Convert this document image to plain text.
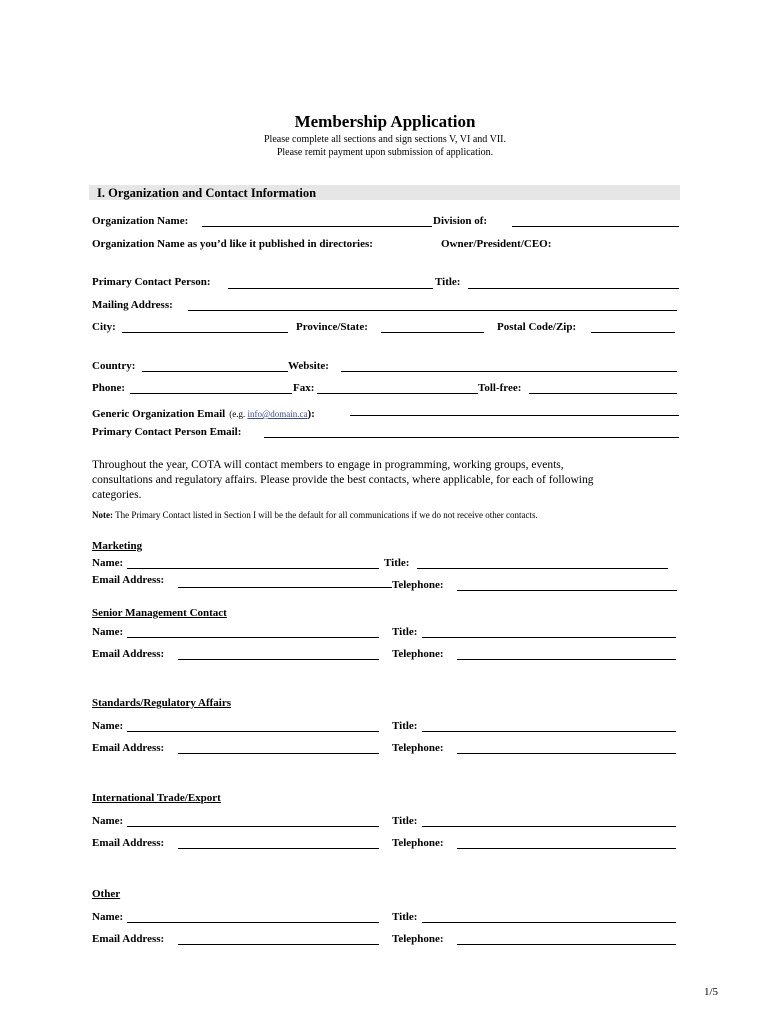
Membership Application
Please complete all sections and sign sections V, VI and VII.
Please remit payment upon submission of application.
I. Organization and Contact Information
Organization Name:	Division of:
Organization Name as you’d like it published in directories:	Owner/President/CEO:
Primary Contact Person:	Title:
Mailing Address:
City:	Province/State:	Postal Code/Zip:
Country:	Website:
Phone:	Fax:	Toll-free:
Generic Organization Email (e.g. info@domain.ca):
Primary Contact Person Email:
Throughout the year, COTA will contact members to engage in programming, working groups, events,
consultations and regulatory affairs. Please provide the best contacts, where applicable, for each of following
categories.
Note: The Primary Contact listed in Section I will be the default for all communications if we do not receive other contacts.
Marketing
Name:	Title:
Email Address:	Telephone:
Senior Management Contact
Name:	Title:
Email Address:	Telephone:
Standards/Regulatory Affairs
Name:	Title:
Email Address:	Telephone:
International Trade/Export
Name:	Title:
Email Address:	Telephone:
Other
Name:	Title:
Email Address:	Telephone:
1/5
